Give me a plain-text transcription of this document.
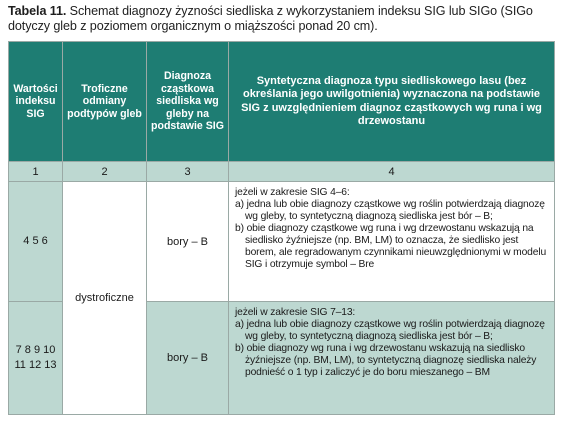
Tabela 11. Schemat diagnozy żyzności siedliska z wykorzystaniem indeksu SIG lub SIGo (SIGo dotyczy gleb z poziomem organicznym o miąższości ponad 20 cm).
Wartości indeksu SIG	Troficzne odmiany podtypów gleb	Diagnoza cząstkowa siedliska wg gleby na podstawie SIG	Syntetyczna diagnoza typu siedliskowego lasu (bez określania jego uwilgotnienia) wyznaczona na podstawie SIG z uwzględnieniem diagnoz cząstkowych wg runa i wg drzewostanu
1	2	3	4
4 5 6	dystroficzne	bory – B	jeżeli w zakresie SIG 4–6:
a) jedna lub obie diagnozy cząstkowe wg roślin potwierdzają diagnozę wg gleby, to syntetyczną diagnozą siedliska jest bór – B;
b) obie diagnozy cząstkowe wg runa i wg drzewostanu wskazują na siedlisko żyźniejsze (np. BM, LM) to oznacza, że siedlisko jest borem, ale regradowanym czynnikami nieuwzględnionymi w modelu SIG i otrzymuje symbol – Bre

7 8 9 10 11 12 13		bory – B	jeżeli w zakresie SIG 7–13:
a) jedna lub obie diagnozy cząstkowe wg roślin potwierdzają diagnozę wg gleby, to syntetyczną diagnozą siedliska jest bór – B;
b) obie diagnozy wg runa i wg drzewostanu wskazują na siedlisko żyźniejsze (np. BM, LM), to syntetyczną diagnozę siedliska należy podnieść o 1 typ i zaliczyć je do boru mieszanego – BM
